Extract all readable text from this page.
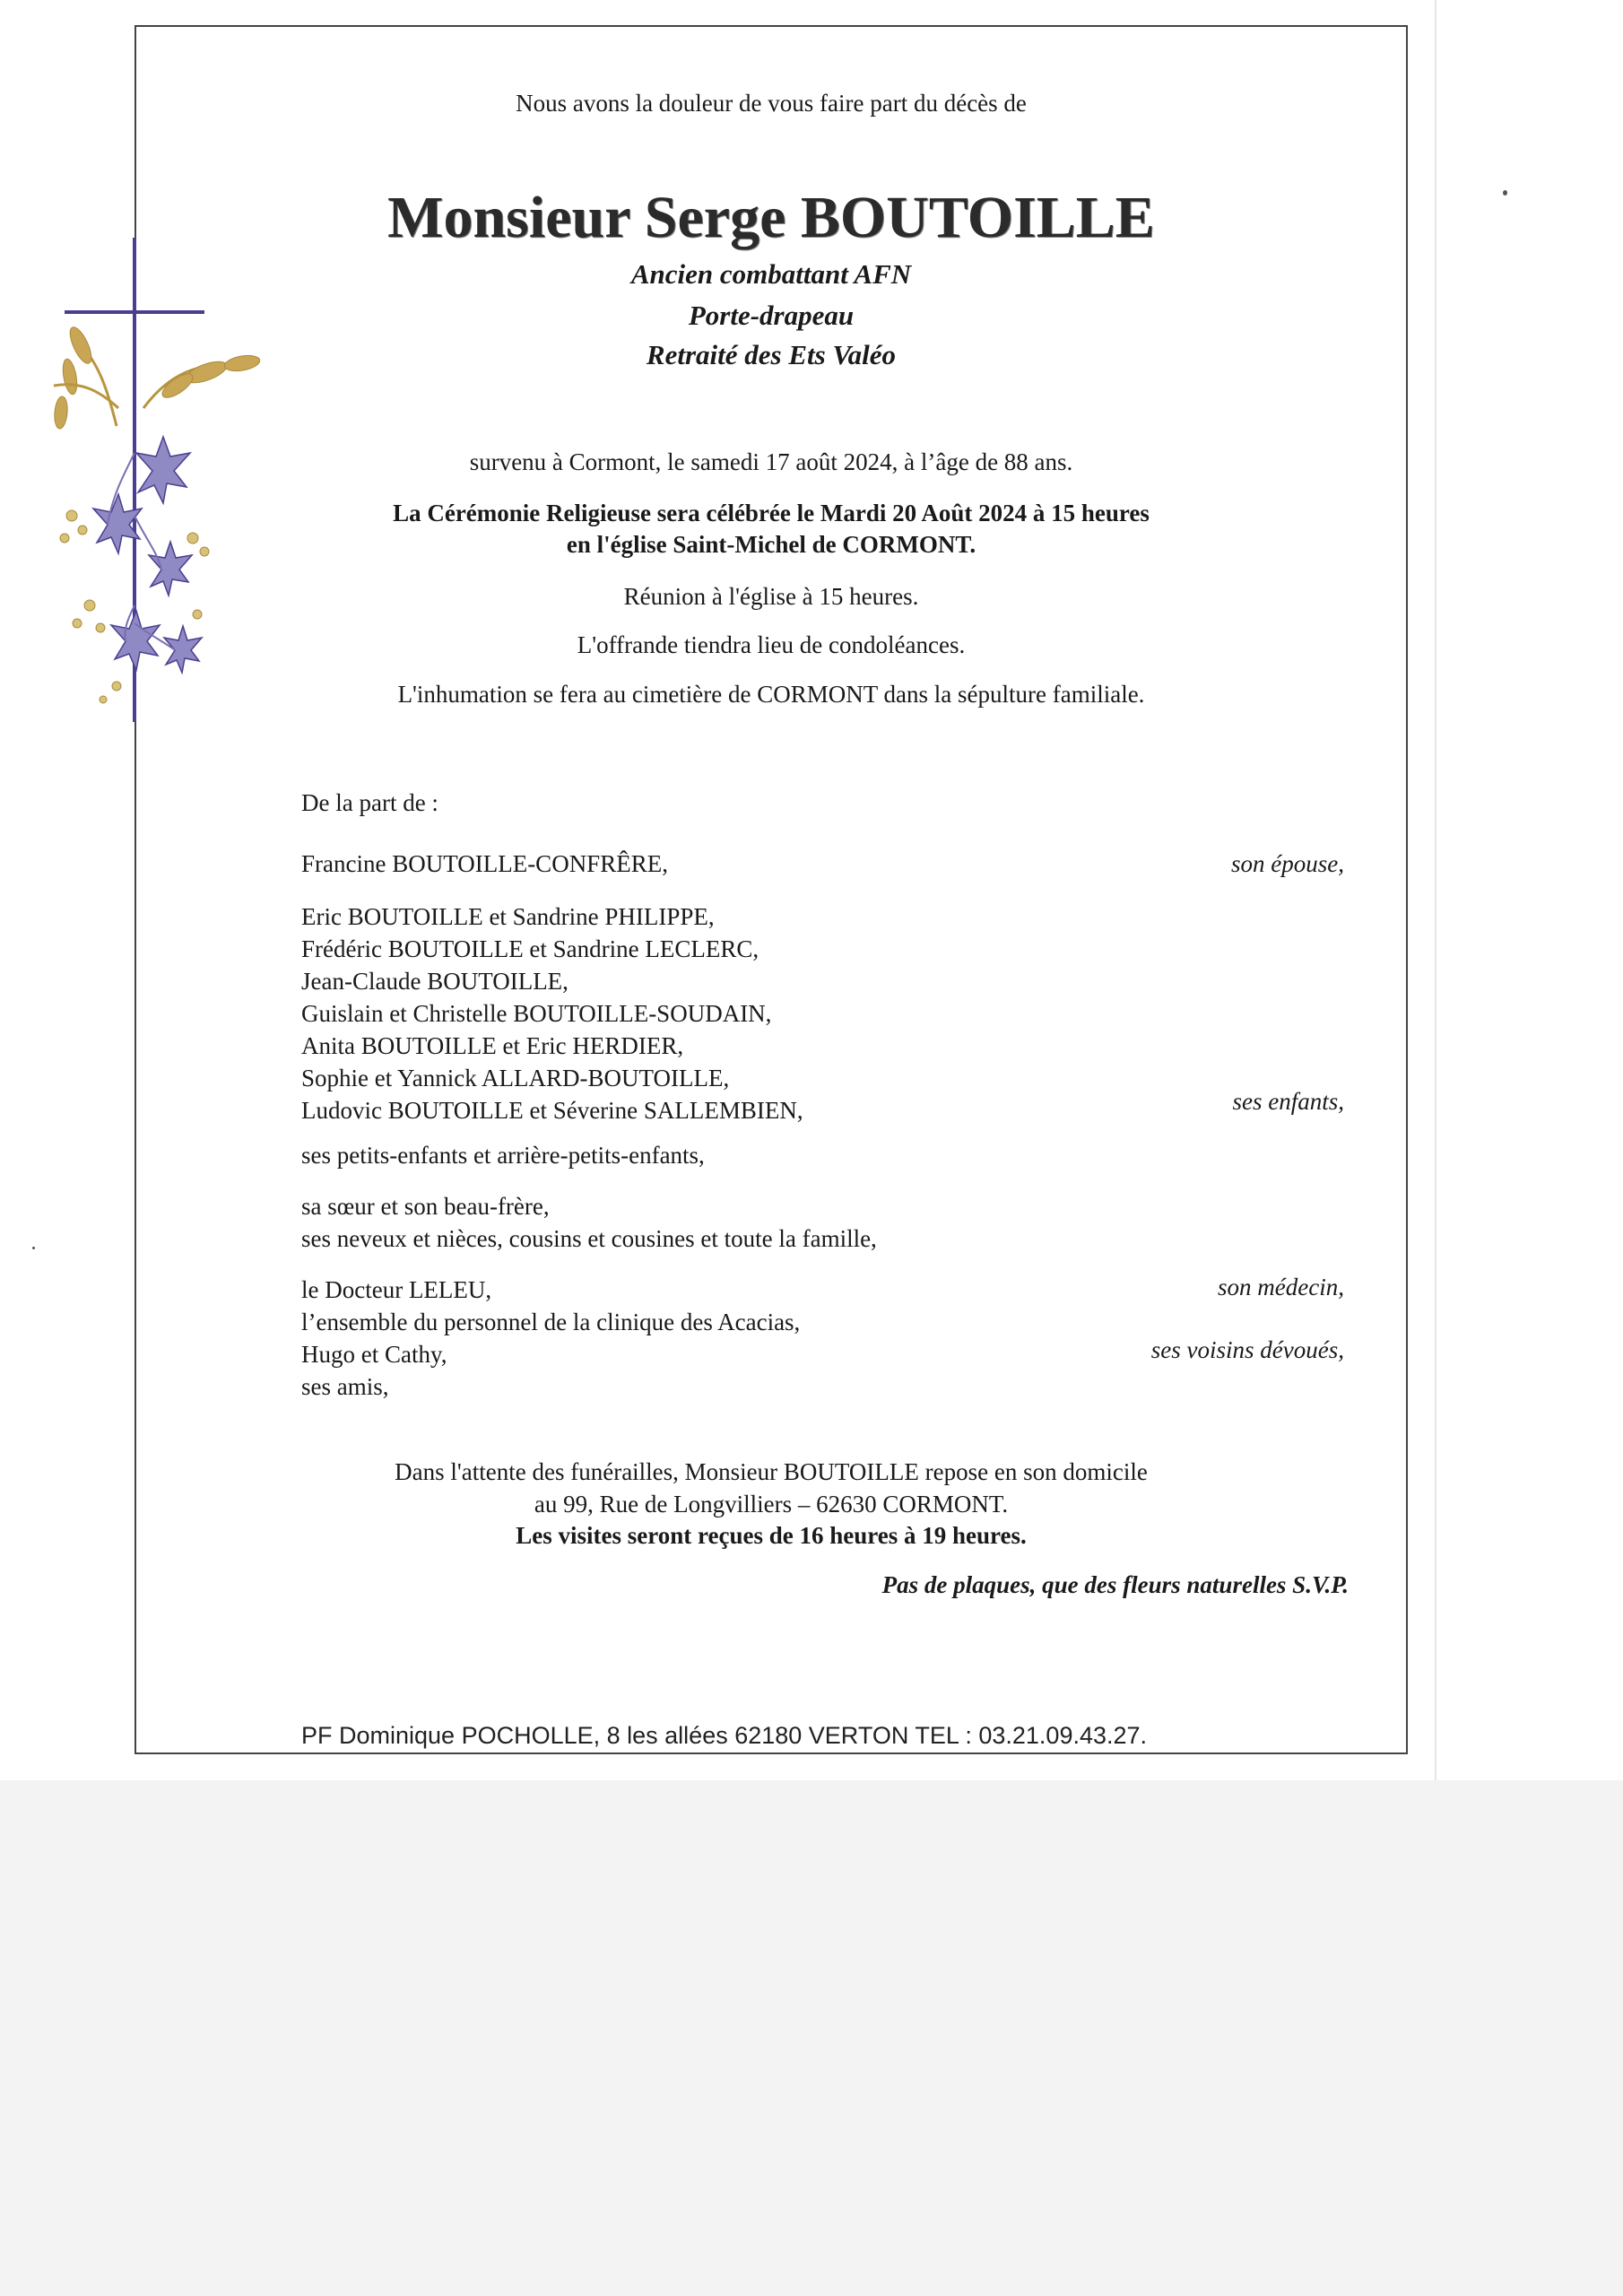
Nous avons la douleur de vous faire part du décès de
Monsieur Serge BOUTOILLE
Ancien combattant AFN
Porte-drapeau
Retraité des Ets Valéo
survenu à Cormont, le samedi 17 août 2024, à l’âge de 88 ans.
La Cérémonie Religieuse sera célébrée le Mardi 20 Août 2024 à 15 heures
en l'église Saint-Michel de CORMONT.
Réunion à l'église à 15 heures.
L'offrande tiendra lieu de condoléances.
L'inhumation se fera au cimetière de CORMONT dans la sépulture familiale.
De la part de :
Francine BOUTOILLE-CONFRÊRE,	son épouse,
Eric BOUTOILLE et Sandrine PHILIPPE,
Frédéric BOUTOILLE et Sandrine LECLERC,
Jean-Claude BOUTOILLE,
Guislain et Christelle BOUTOILLE-SOUDAIN,
Anita BOUTOILLE et Eric HERDIER,
Sophie et Yannick ALLARD-BOUTOILLE,
Ludovic BOUTOILLE et Séverine SALLEMBIEN,	ses enfants,
ses petits-enfants et arrière-petits-enfants,
sa sœur et son beau-frère,
ses neveux et nièces, cousins et cousines et toute la famille,
le Docteur LELEU,	son médecin,
l’ensemble du personnel de la clinique des Acacias,
Hugo et Cathy,	ses voisins dévoués,
ses amis,
Dans l'attente des funérailles, Monsieur BOUTOILLE repose en son domicile
au 99, Rue de Longvilliers – 62630 CORMONT.
Les visites seront reçues de 16 heures à 19 heures.
Pas de plaques, que des fleurs naturelles S.V.P.
PF Dominique POCHOLLE, 8 les allées 62180 VERTON TEL : 03.21.09.43.27.
